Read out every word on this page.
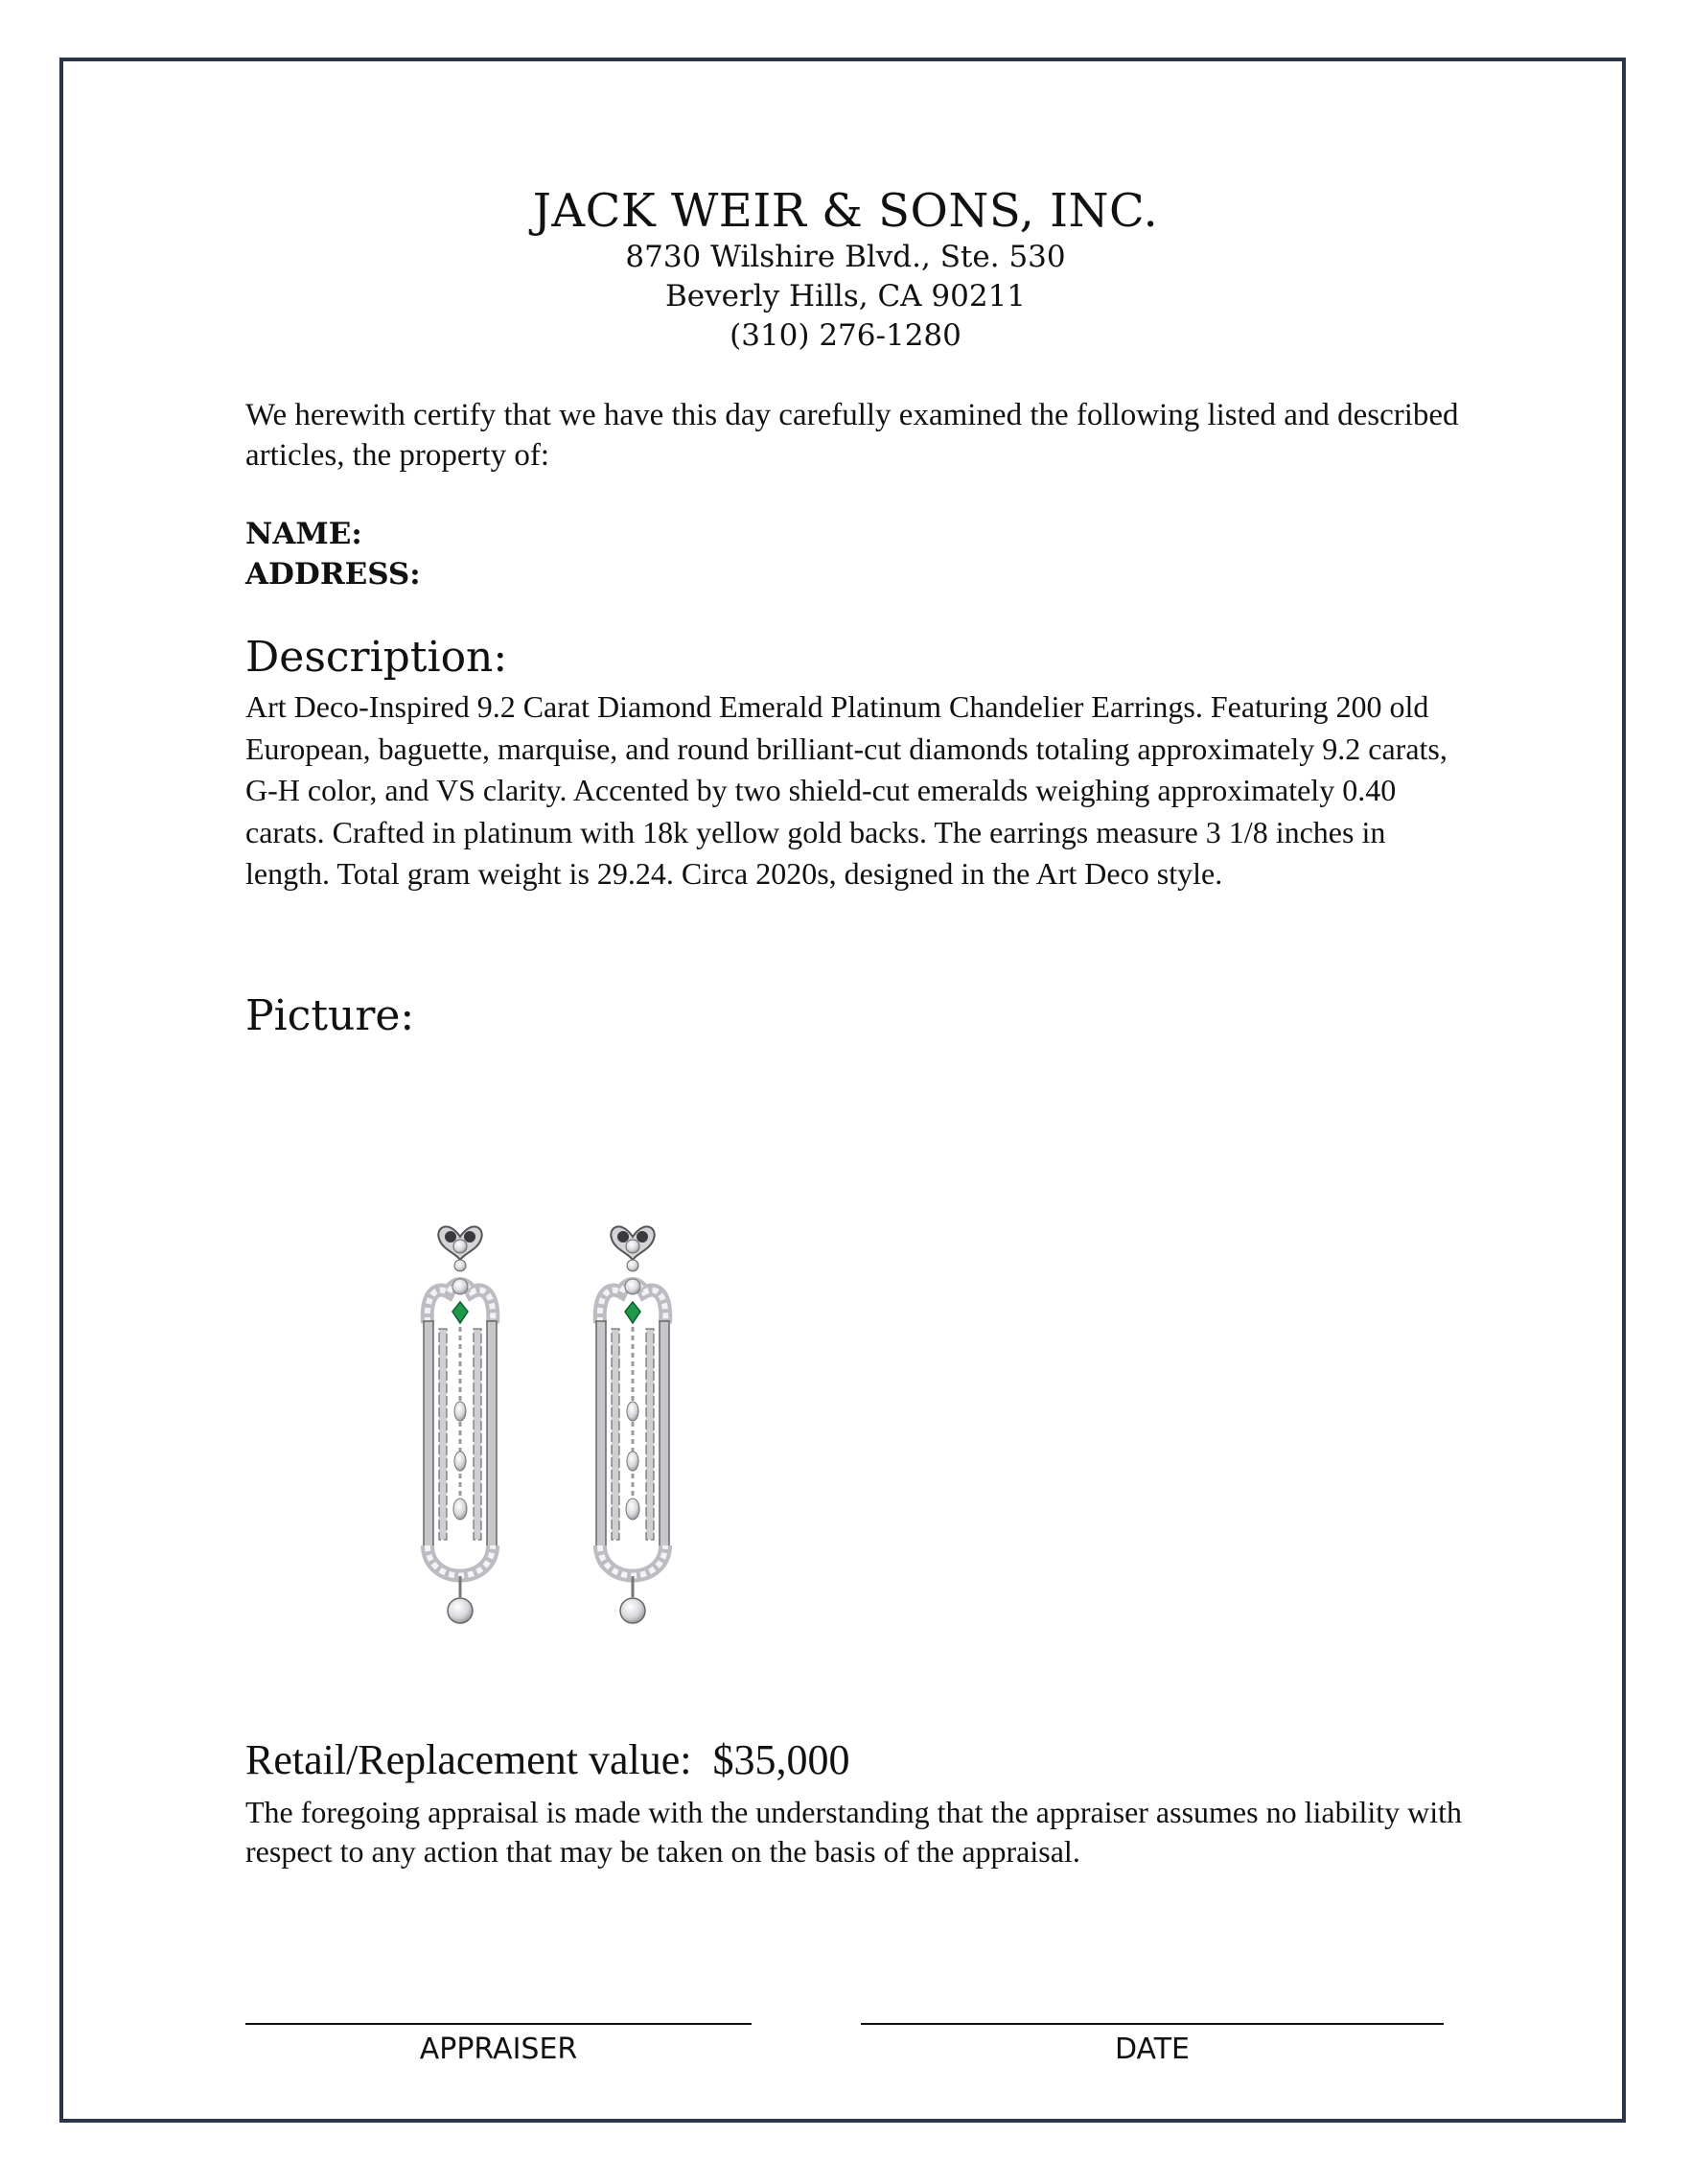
JACK WEIR & SONS, INC.
8730 Wilshire Blvd., Ste. 530
Beverly Hills, CA 90211
(310) 276-1280
We herewith certify that we have this day carefully examined the following listed and described articles, the property of:
NAME:
ADDRESS:
Description:
Art Deco-Inspired 9.2 Carat Diamond Emerald Platinum Chandelier Earrings. Featuring 200 old European, baguette, marquise, and round brilliant-cut diamonds totaling approximately 9.2 carats, G-H color, and VS clarity. Accented by two shield-cut emeralds weighing approximately 0.40 carats. Crafted in platinum with 18k yellow gold backs. The earrings measure 3 1/8 inches in length. Total gram weight is 29.24. Circa 2020s, designed in the Art Deco style.
Picture:
Retail/Replacement value: $35,000
The foregoing appraisal is made with the understanding that the appraiser assumes no liability with respect to any action that may be taken on the basis of the appraisal.
APPRAISER	DATE
